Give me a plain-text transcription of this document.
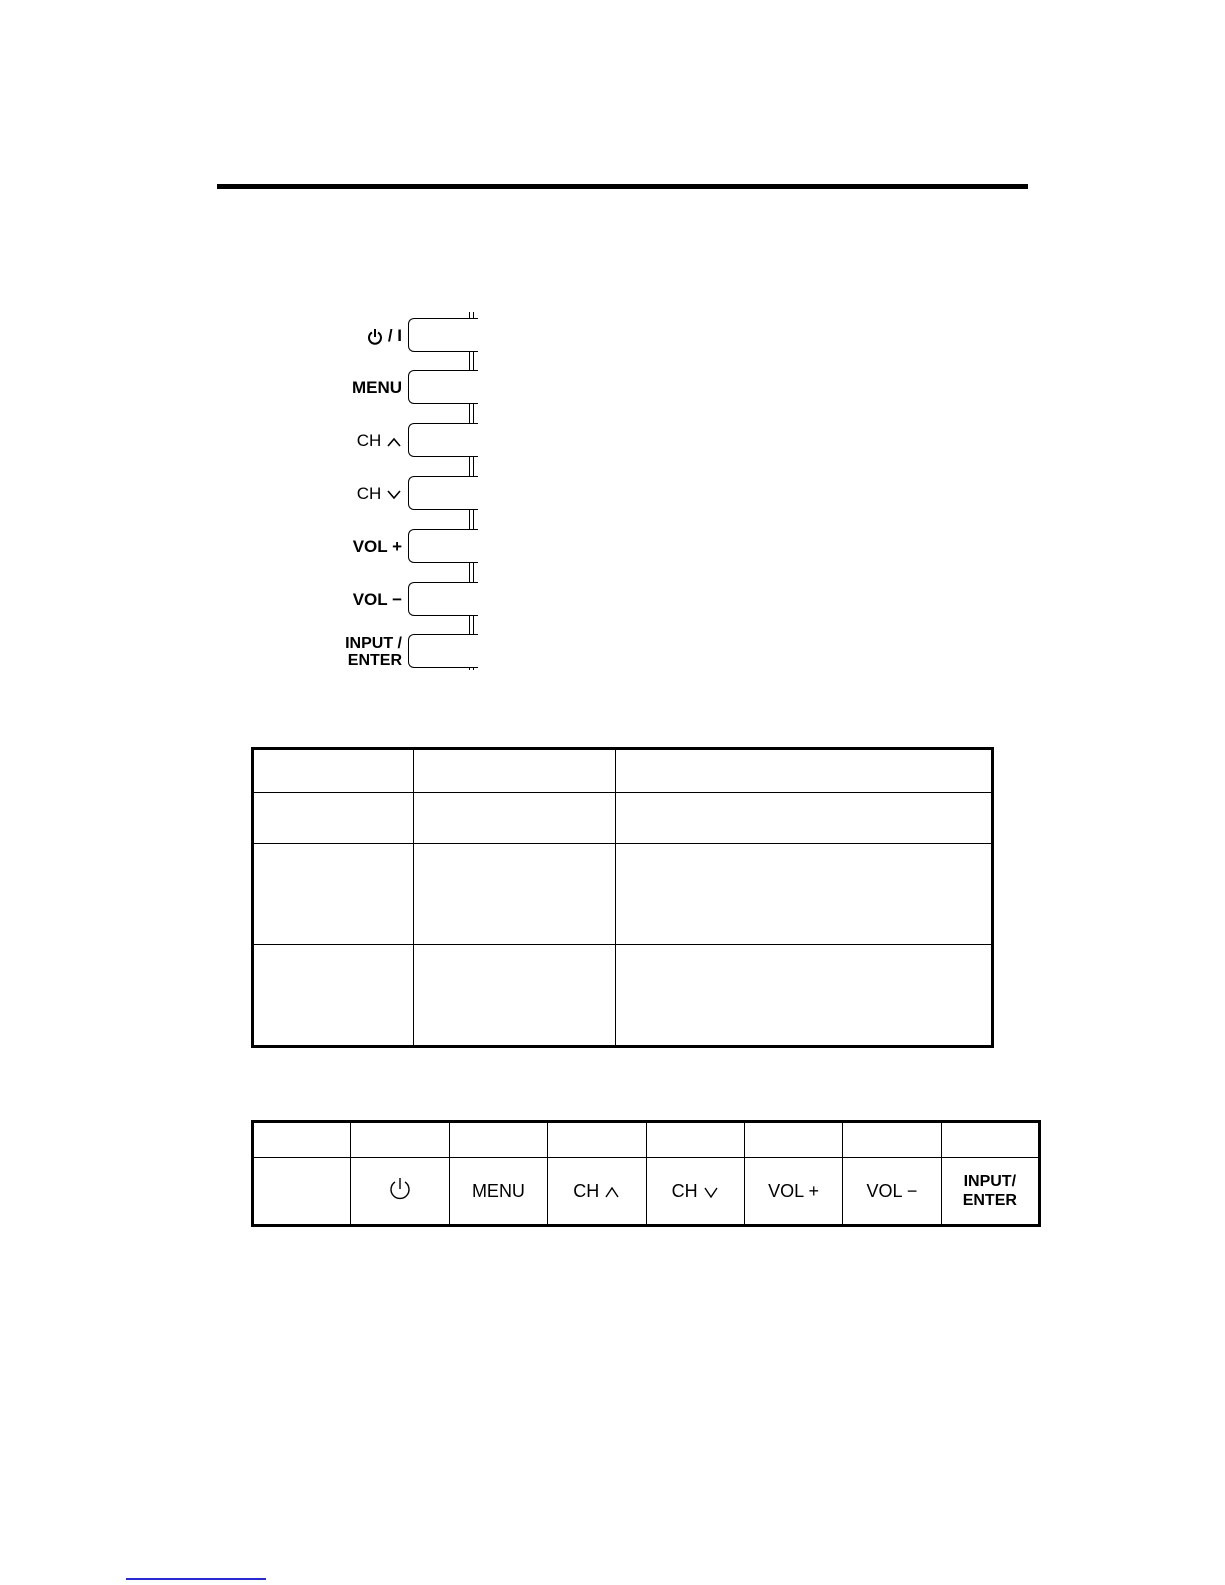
/ I
MENU
CH
CH
VOL +
VOL −
INPUT /
ENTER

		MENU	CH	CH	VOL +	VOL −	INPUT/
ENTER
